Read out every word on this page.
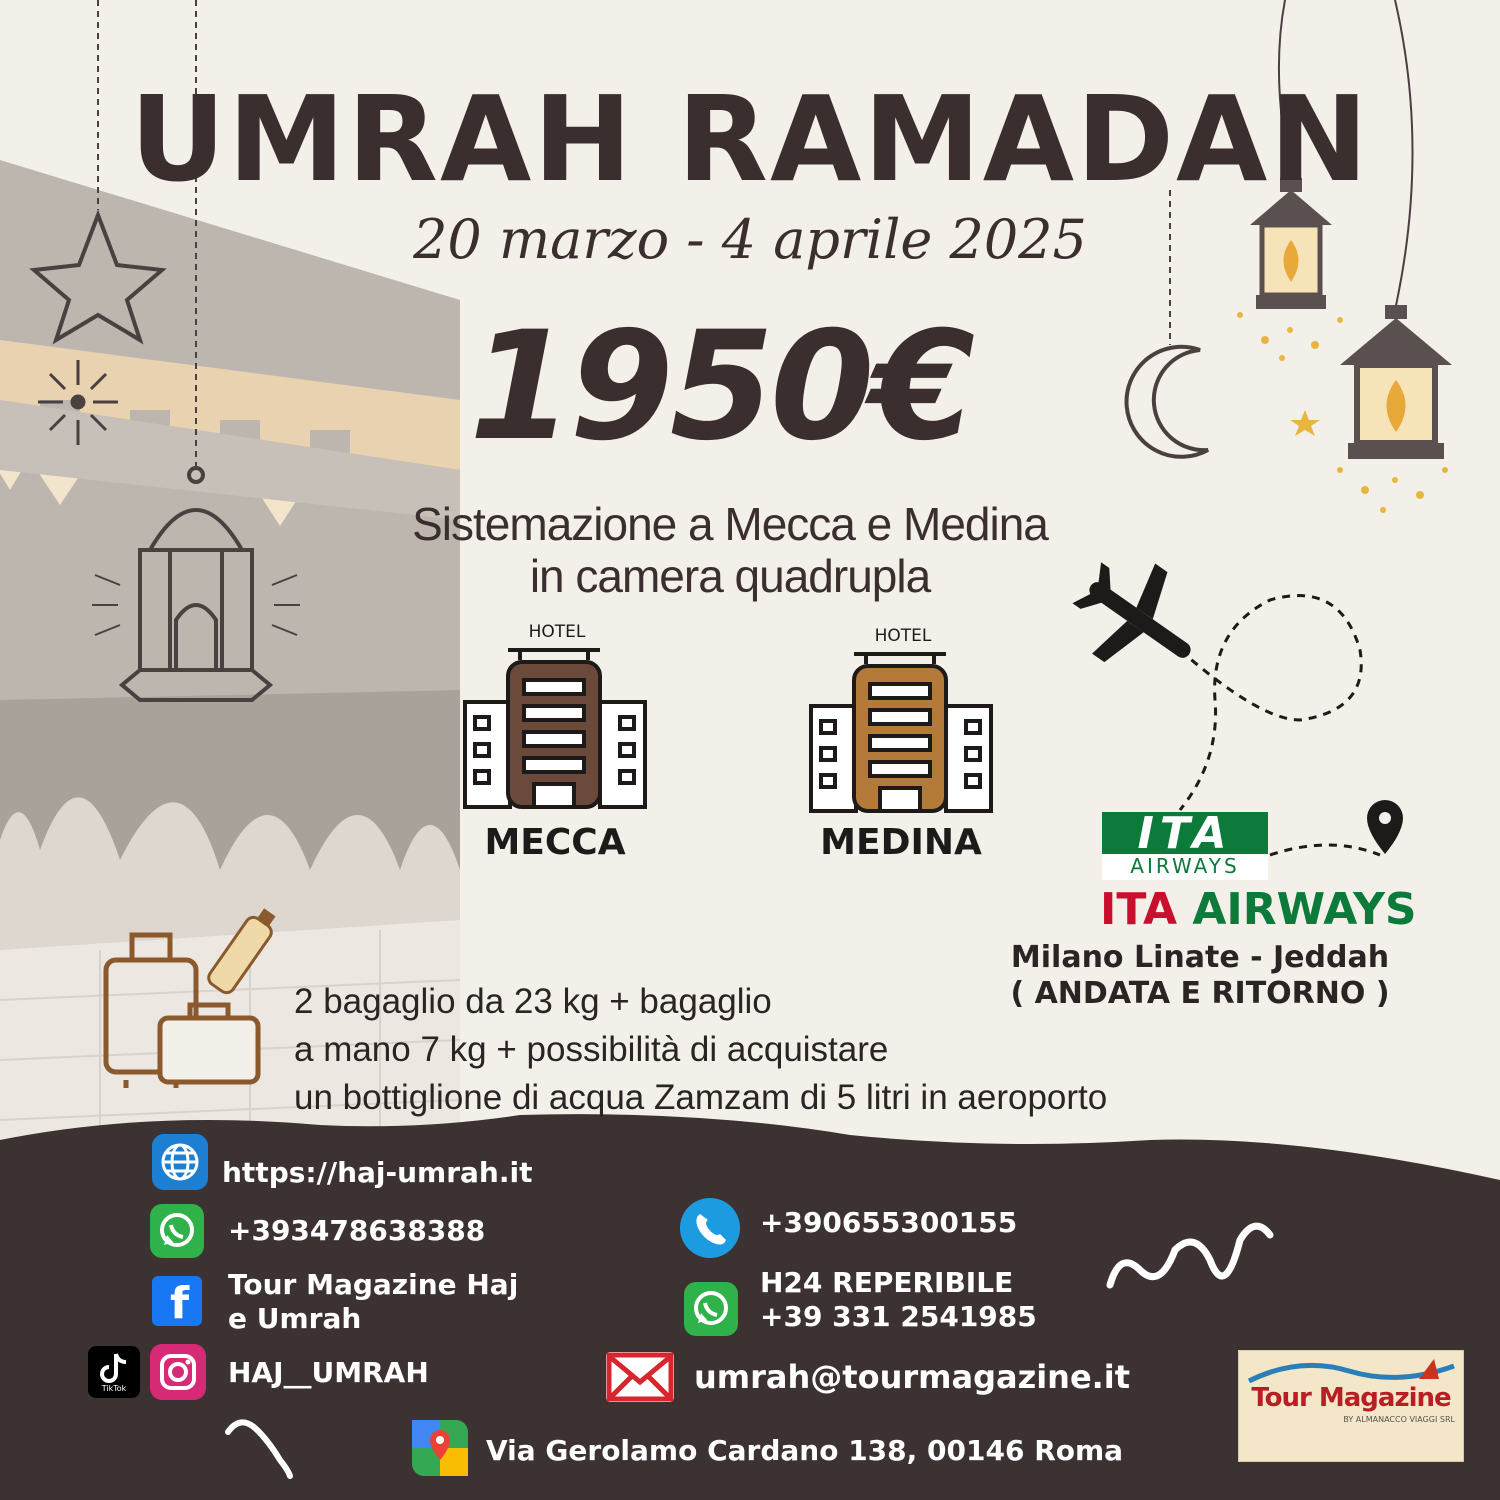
UMRAH RAMADAN
20 marzo - 4 aprile 2025
1950€
Sistemazione a Mecca e Medina
in camera quadrupla
HOTEL
MECCA
HOTEL
MEDINA	ITA
AIRWAYS
ITA AIRWAYS
Milano Linate - Jeddah
( ANDATA E RITORNO )
2 bagaglio da 23 kg + bagaglio
a mano 7 kg + possibilità di acquistare
un bottiglione di acqua Zamzam di 5 litri in aeroporto
https://haj-umrah.it
+393478638388
f Tour Magazine Haj
e Umrah
TikTok	HAJ__UMRAH
+390655300155
H24 REPERIBILE
+39 331 2541985
umrah@tourmagazine.it
Via Gerolamo Cardano 138, 00146 Roma
Tour Magazine
BY ALMANACCO VIAGGI SRL
